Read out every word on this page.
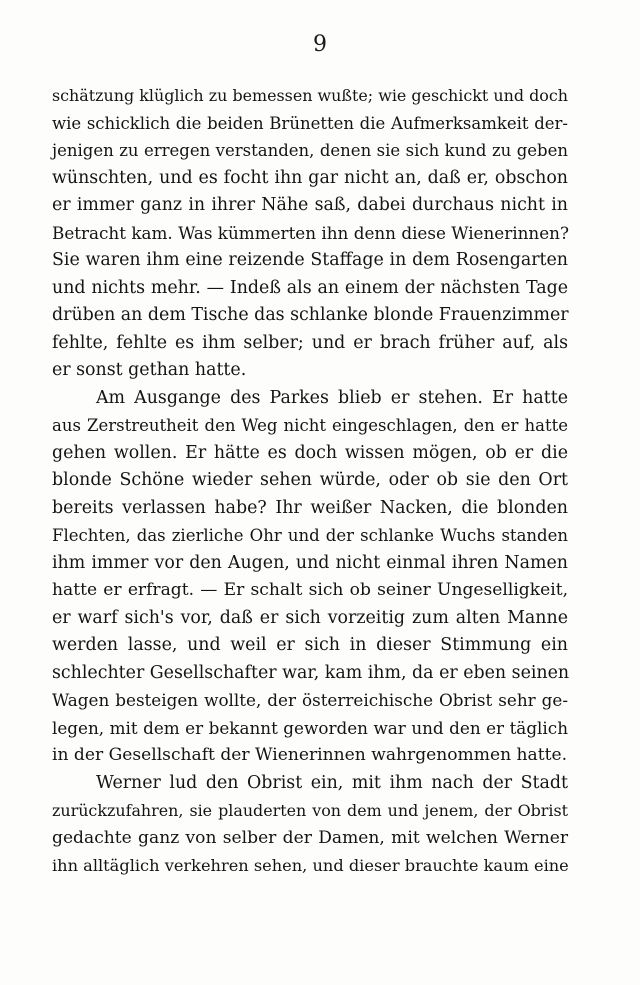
9
schätzung klüglich zu bemessen wußte; wie geschickt und doch
wie schicklich die beiden Brünetten die Aufmerksamkeit der-
jenigen zu erregen verstanden, denen sie sich kund zu geben
wünschten, und es focht ihn gar nicht an, daß er, obschon
er immer ganz in ihrer Nähe saß, dabei durchaus nicht in
Betracht kam. Was kümmerten ihn denn diese Wienerinnen?
Sie waren ihm eine reizende Staffage in dem Rosengarten
und nichts mehr. — Indeß als an einem der nächsten Tage
drüben an dem Tische das schlanke blonde Frauenzimmer
fehlte, fehlte es ihm selber; und er brach früher auf, als
er sonst gethan hatte.
Am Ausgange des Parkes blieb er stehen. Er hatte
aus Zerstreutheit den Weg nicht eingeschlagen, den er hatte
gehen wollen. Er hätte es doch wissen mögen, ob er die
blonde Schöne wieder sehen würde, oder ob sie den Ort
bereits verlassen habe? Ihr weißer Nacken, die blonden
Flechten, das zierliche Ohr und der schlanke Wuchs standen
ihm immer vor den Augen, und nicht einmal ihren Namen
hatte er erfragt. — Er schalt sich ob seiner Ungeselligkeit,
er warf sich's vor, daß er sich vorzeitig zum alten Manne
werden lasse, und weil er sich in dieser Stimmung ein
schlechter Gesellschafter war, kam ihm, da er eben seinen
Wagen besteigen wollte, der österreichische Obrist sehr ge-
legen, mit dem er bekannt geworden war und den er täglich
in der Gesellschaft der Wienerinnen wahrgenommen hatte.
Werner lud den Obrist ein, mit ihm nach der Stadt
zurückzufahren, sie plauderten von dem und jenem, der Obrist
gedachte ganz von selber der Damen, mit welchen Werner
ihn alltäglich verkehren sehen, und dieser brauchte kaum eine
